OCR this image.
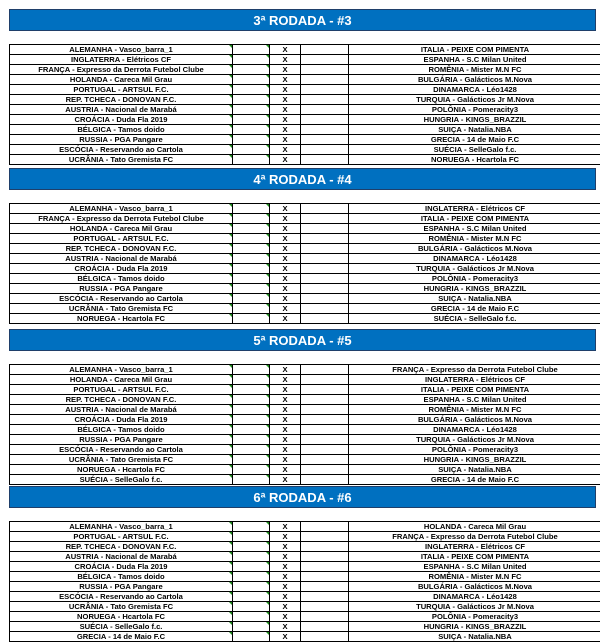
3ª RODADA - #3
ALEMANHA - Vasco_barra_1		X		ITALIA - PEIXE COM PIMENTA
INGLATERRA - Elétricos CF		X		ESPANHA - S.C Milan United
FRANÇA - Expresso da Derrota Futebol Clube		X		ROMÊNIA - Mister M.N FC
HOLANDA - Careca Mil Grau		X		BULGÁRIA - Galácticos M.Nova
PORTUGAL - ARTSUL F.C.		X		DINAMARCA - Léo1428
REP. TCHECA - DONOVAN F.C.		X		TURQUIA - Galácticos Jr M.Nova
AUSTRIA - Nacional de Marabá		X		POLÔNIA - Pomeracity3
CROÁCIA - Duda Fla 2019		X		HUNGRIA - KINGS_BRAZZIL
BÉLGICA - Tamos doido		X		SUIÇA - Natalia.NBA
RUSSIA - PGA Pangare		X		GRECIA - 14 de Maio F.C
ESCÓCIA - Reservando ao Cartola		X		SUÉCIA - SelleGalo f.c.
UCRÂNIA - Tato Gremista FC		X		NORUEGA - Hcartola FC
4ª RODADA - #4
ALEMANHA - Vasco_barra_1		X		INGLATERRA - Elétricos CF
FRANÇA - Expresso da Derrota Futebol Clube		X		ITALIA - PEIXE COM PIMENTA
HOLANDA - Careca Mil Grau		X		ESPANHA - S.C Milan United
PORTUGAL - ARTSUL F.C.		X		ROMÊNIA - Mister M.N FC
REP. TCHECA - DONOVAN F.C.		X		BULGÁRIA - Galácticos M.Nova
AUSTRIA - Nacional de Marabá		X		DINAMARCA - Léo1428
CROÁCIA - Duda Fla 2019		X		TURQUIA - Galácticos Jr M.Nova
BÉLGICA - Tamos doido		X		POLÔNIA - Pomeracity3
RUSSIA - PGA Pangare		X		HUNGRIA - KINGS_BRAZZIL
ESCÓCIA - Reservando ao Cartola		X		SUIÇA - Natalia.NBA
UCRÂNIA - Tato Gremista FC		X		GRECIA - 14 de Maio F.C
NORUEGA - Hcartola FC		X		SUÉCIA - SelleGalo f.c.
5ª RODADA - #5
ALEMANHA - Vasco_barra_1		X		FRANÇA - Expresso da Derrota Futebol Clube
HOLANDA - Careca Mil Grau		X		INGLATERRA - Elétricos CF
PORTUGAL - ARTSUL F.C.		X		ITALIA - PEIXE COM PIMENTA
REP. TCHECA - DONOVAN F.C.		X		ESPANHA - S.C Milan United
AUSTRIA - Nacional de Marabá		X		ROMÊNIA - Mister M.N FC
CROÁCIA - Duda Fla 2019		X		BULGÁRIA - Galácticos M.Nova
BÉLGICA - Tamos doido		X		DINAMARCA - Léo1428
RUSSIA - PGA Pangare		X		TURQUIA - Galácticos Jr M.Nova
ESCÓCIA - Reservando ao Cartola		X		POLÔNIA - Pomeracity3
UCRÂNIA - Tato Gremista FC		X		HUNGRIA - KINGS_BRAZZIL
NORUEGA - Hcartola FC		X		SUIÇA - Natalia.NBA
SUÉCIA - SelleGalo f.c.		X		GRECIA - 14 de Maio F.C
6ª RODADA - #6
ALEMANHA - Vasco_barra_1		X		HOLANDA - Careca Mil Grau
PORTUGAL - ARTSUL F.C.		X		FRANÇA - Expresso da Derrota Futebol Clube
REP. TCHECA - DONOVAN F.C.		X		INGLATERRA - Elétricos CF
AUSTRIA - Nacional de Marabá		X		ITALIA - PEIXE COM PIMENTA
CROÁCIA - Duda Fla 2019		X		ESPANHA - S.C Milan United
BÉLGICA - Tamos doido		X		ROMÊNIA - Mister M.N FC
RUSSIA - PGA Pangare		X		BULGÁRIA - Galácticos M.Nova
ESCÓCIA - Reservando ao Cartola		X		DINAMARCA - Léo1428
UCRÂNIA - Tato Gremista FC		X		TURQUIA - Galácticos Jr M.Nova
NORUEGA - Hcartola FC		X		POLÔNIA - Pomeracity3
SUÉCIA - SelleGalo f.c.		X		HUNGRIA - KINGS_BRAZZIL
GRECIA - 14 de Maio F.C		X		SUIÇA - Natalia.NBA
